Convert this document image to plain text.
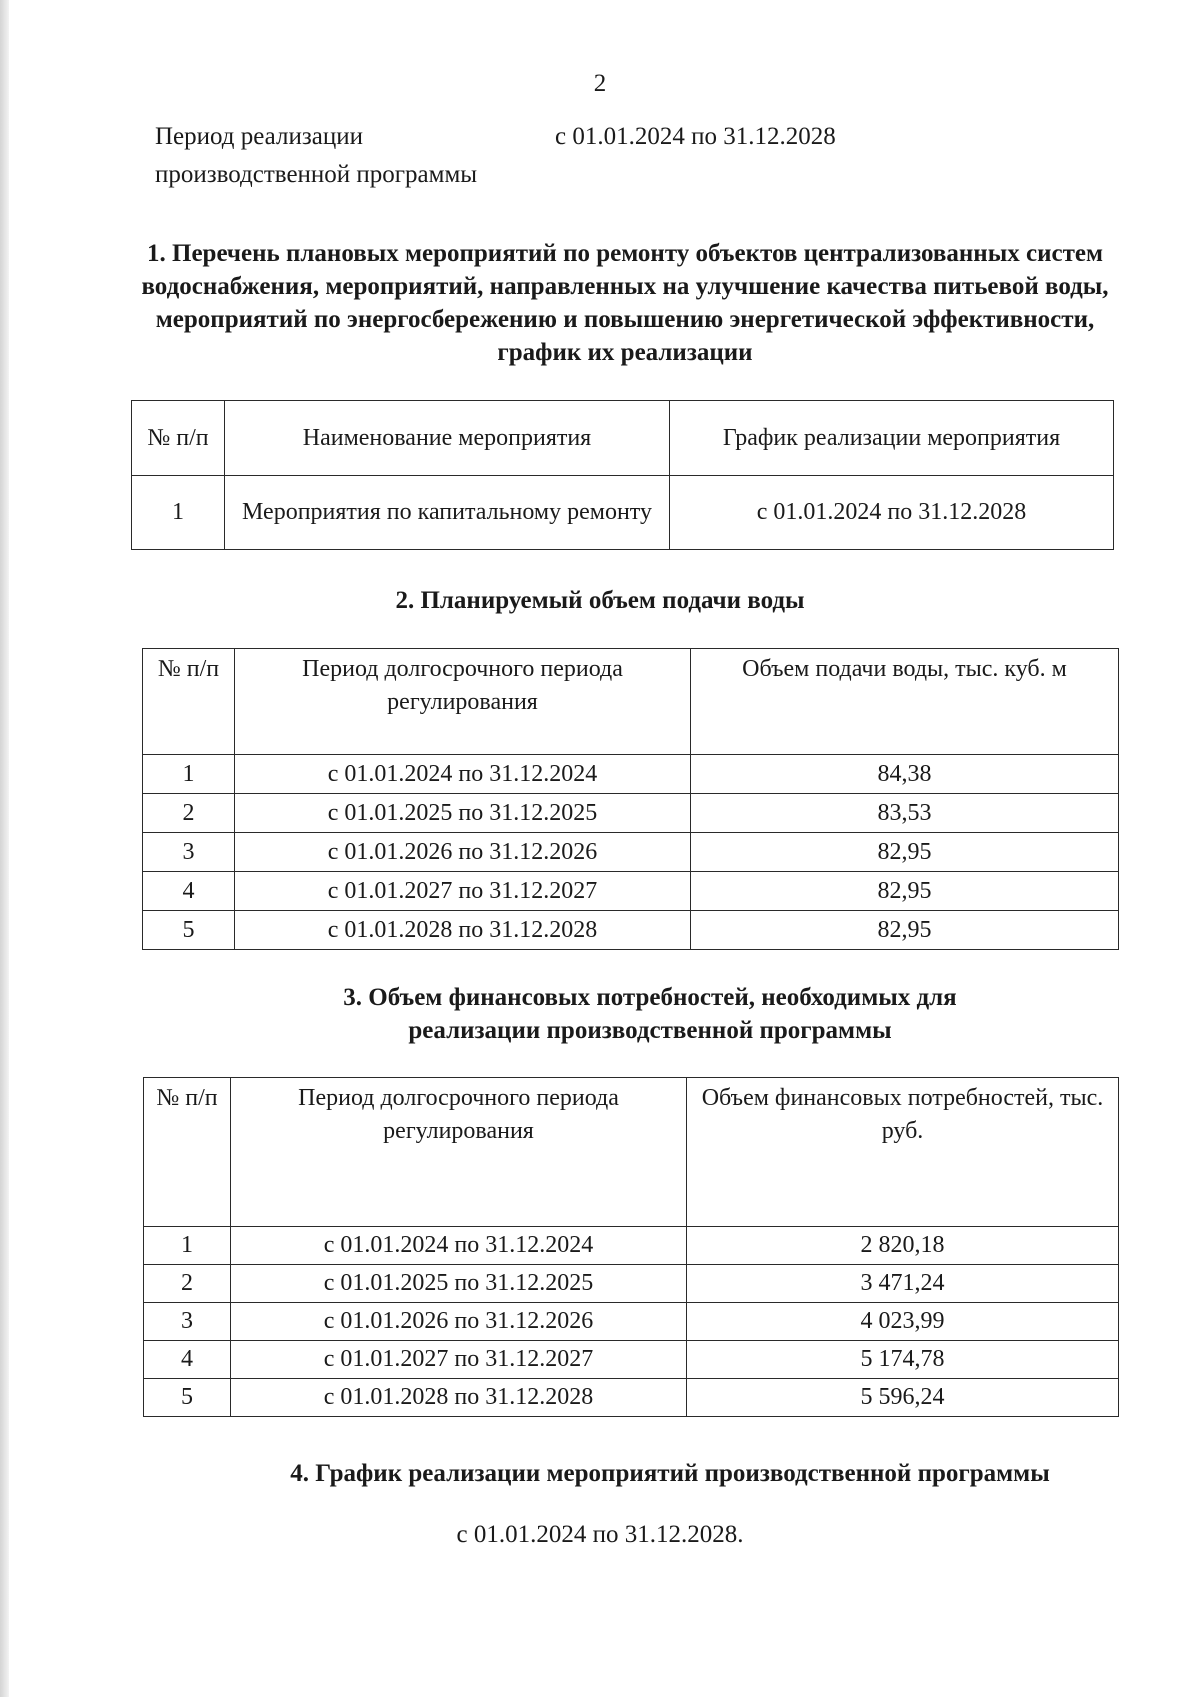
2
Период реализации производственной программы
с 01.01.2024 по 31.12.2028
1. Перечень плановых мероприятий по ремонту объектов централизованных систем водоснабжения, мероприятий, направленных на улучшение качества питьевой воды, мероприятий по энергосбережению и повышению энергетической эффективности, график их реализации
№ п/п	Наименование мероприятия	График реализации мероприятия
1	Мероприятия по капитальному ремонту	с 01.01.2024 по 31.12.2028
2. Планируемый объем подачи воды
№ п/п	Период долгосрочного периода регулирования	Объем подачи воды, тыс. куб. м
1	с 01.01.2024 по 31.12.2024	84,38
2	с 01.01.2025 по 31.12.2025	83,53
3	с 01.01.2026 по 31.12.2026	82,95
4	с 01.01.2027 по 31.12.2027	82,95
5	с 01.01.2028 по 31.12.2028	82,95
3. Объем финансовых потребностей, необходимых для реализации производственной программы
№ п/п	Период долгосрочного периода регулирования	Объем финансовых потребностей, тыс. руб.
1	с 01.01.2024 по 31.12.2024	2 820,18
2	с 01.01.2025 по 31.12.2025	3 471,24
3	с 01.01.2026 по 31.12.2026	4 023,99
4	с 01.01.2027 по 31.12.2027	5 174,78
5	с 01.01.2028 по 31.12.2028	5 596,24
4. График реализации мероприятий производственной программы
с 01.01.2024 по 31.12.2028.
